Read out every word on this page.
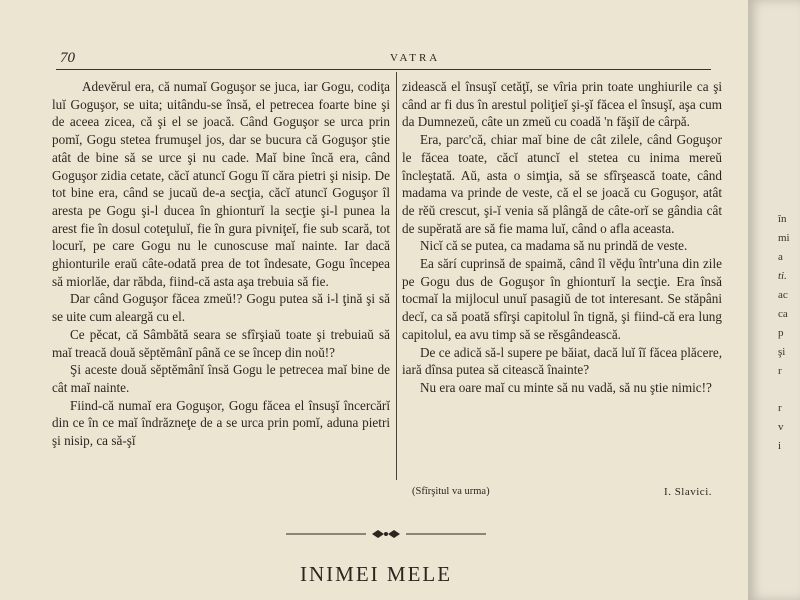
70	VATRA

Adevĕrul era, că numaĭ Goguşor se juca, iar Gogu, codiţa luĭ Goguşor, se uita; uitându-se însă, el petrecea foarte bine şi de aceea zicea, că şi el se joacă. Când Goguşor se urca prin pomĭ, Gogu stetea frumuşel jos, dar se bucura că Goguşor ştie atât de bine să se urce şi nu cade. Maĭ bine încă era, când Goguşor zidia cetate, căcĭ atuncĭ Gogu îĭ căra pietri şi nisip. De tot bine era, când se jucaŭ de-a secţia, căcĭ atuncĭ Goguşor îl aresta pe Gogu şi-l ducea în ghionturĭ la secţie şi-l punea la arest fie în dosul coteţuluĭ, fie în gura pivniţeĭ, fie sub scară, tot locurĭ, pe care Gogu nu le cunoscuse maĭ nainte. Iar dacă ghionturile eraŭ câte-odată prea de tot îndesate, Gogu începea să miorlăe, dar răbda, fiind-că asta aşa trebuia să fie.

Dar când Goguşor făcea zmeŭ!? Gogu putea să i-l ţină şi să se uite cum aleargă cu el.

Ce pĕcat, că Sâmbătă seara se sfîrşiaŭ toate şi trebuiaŭ să maĭ treacă două sĕptĕmânĭ până ce se încep din noŭ!?

Şi aceste două sĕptĕmânĭ însă Gogu le petrecea maĭ bine de cât maĭ nainte.

Fiind-că numaĭ era Goguşor, Gogu făcea el însuşĭ încercărĭ din ce în ce maĭ îndrăzneţe de a se urca prin pomĭ, aduna pietri şi nisip, ca să-şĭ

zidească el însuşĭ cetăţĭ, se vîria prin toate unghiurile ca şi când ar fi dus în arestul poliţieĭ şi-şĭ făcea el însuşĭ, aşa cum da Dumnezeŭ, câte un zmeŭ cu coadă 'n făşiĭ de cârpă.

Era, parc'că, chiar maĭ bine de cât zilele, când Goguşor le făcea toate, căcĭ atuncĭ el stetea cu inima mereŭ încleştată. Aŭ, asta o simţia, să se sfîrşească toate, când madama va prinde de veste, că el se joacă cu Goguşor, atât de rĕŭ crescut, şi-ĭ venia să plângă de câte-orĭ se gândia cât de supĕrată are să fie mama luĭ, când o afla aceasta.

Nicĭ că se putea, ca madama să nu prindă de veste.

Ea sărí cuprinsă de spaimă, când îl vĕḑu într'una din zile pe Gogu dus de Goguşor în ghionturĭ la secţie. Era însă tocmaĭ la mijlocul unuĭ pasagiŭ de tot interesant. Se stăpâni decĭ, ca să poată sfîrşi capitolul în tignă, şi fiind-că era lung capitolul, ea avu timp să se rĕsgândească.

De ce adică să-l supere pe băiat, dacă luĭ îĭ făcea plăcere, iară dînsa putea să citească înainte?

Nu era oare maĭ cu minte să nu vadă, să nu ştie nimic!?

(Sfîrşitul va urma)	I. Slavici.
INIMEI MELE
în
mi
a
ti.
ac
ca
p
şi
r
r
v
i
